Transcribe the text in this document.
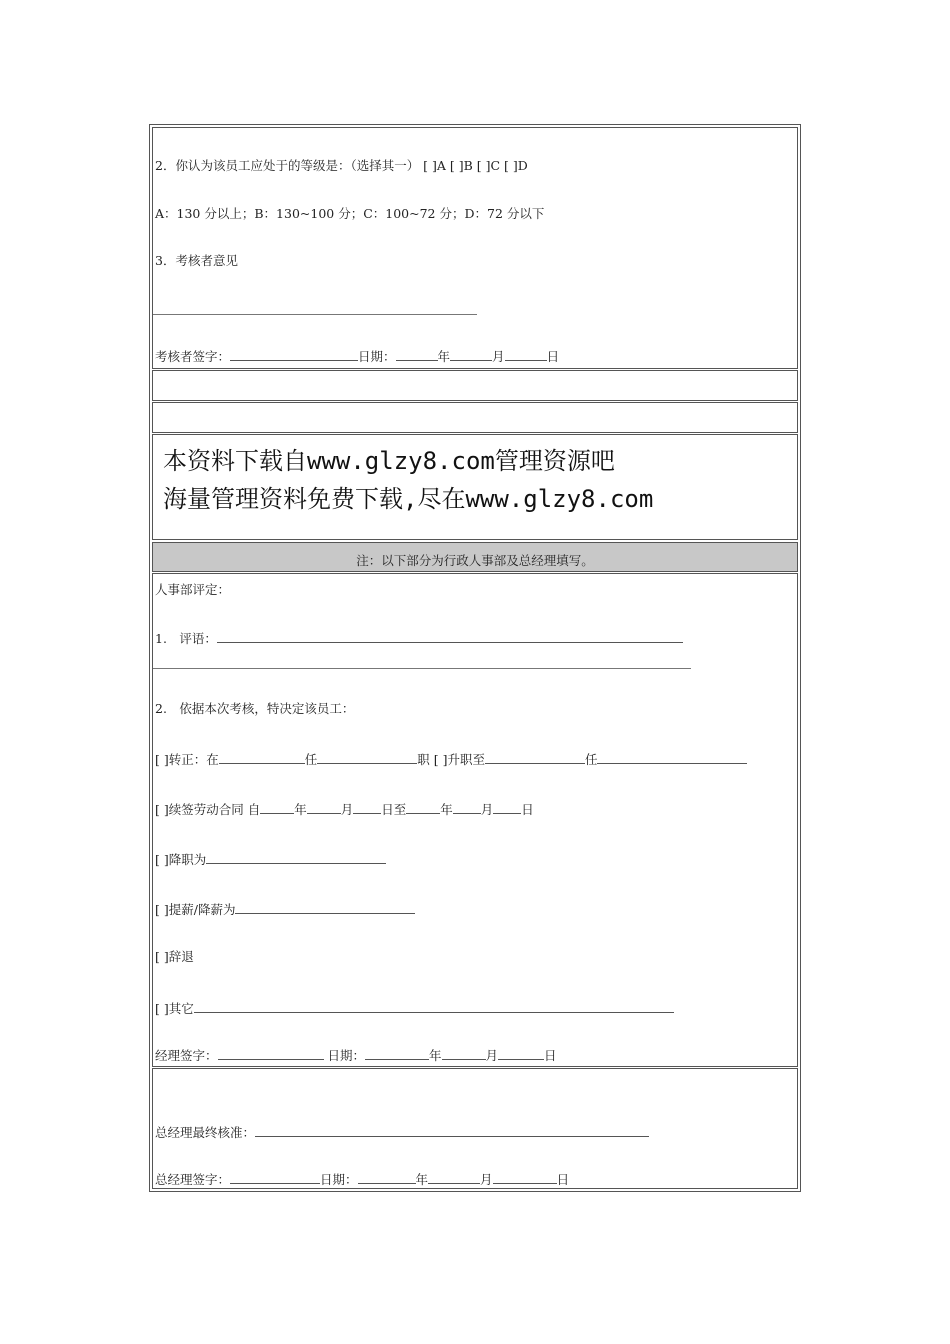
2．你认为该员工应处于的等级是：（选择其一） [ ]A [ ]B [ ]C [ ]D
A：130 分以上；B：130~100 分；C：100~72 分；D：72 分以下
3．考核者意见
考核者签字：	日期：	年	月	日
本资料下载自www.glzy8.com管理资源吧
海量管理资料免费下载,尽在www.glzy8.com
注：以下部分为行政人事部及总经理填写。
人事部评定：
1.　评语：
2.　依据本次考核，特决定该员工：
[ ]转正：在	任	职 [ ]升职至	任
[ ]续签劳动合同 自	年	月 日至	年 月 日
[ ]降职为
[ ]提薪/降薪为
[ ]辞退
[ ]其它
经理签字：	日期：	年	月	日
总经理最终核准：
总经理签字：	日期：	年	月	日
